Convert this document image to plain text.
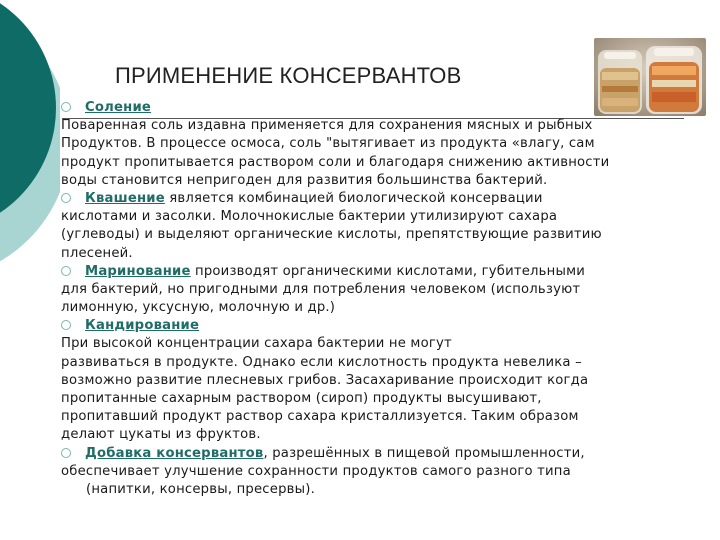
ПРИМЕНЕНИЕ КОНСЕРВАНТОВ
Соление
Поваренная соль издавна применяется для сохранения мясных и рыбных
Продуктов. В процессе осмоса, соль "вытягивает из продукта «влагу, сам
продукт пропитывается раствором соли и благодаря снижению активности
воды становится непригоден для развития большинства бактерий.
Квашение является комбинацией биологической консервации
кислотами и засолки. Молочнокислые бактерии утилизируют сахара
(углеводы) и выделяют органические кислоты, препятствующие развитию
плесеней.
Маринование производят органическими кислотами, губительными
для бактерий, но пригодными для потребления человеком (используют
лимонную, уксусную, молочную и др.)
Кандирование
При высокой концентрации сахара бактерии не могут
развиваться в продукте. Однако если кислотность продукта невелика –
возможно развитие плесневых грибов. Засахаривание происходит когда
пропитанные сахарным раствором (сироп) продукты высушивают,
пропитавший продукт раствор сахара кристаллизуется. Таким образом
делают цукаты из фруктов.
Добавка консервантов, разрешённых в пищевой промышленности,
обеспечивает улучшение сохранности продуктов самого разного типа
(напитки, консервы, пресервы).
